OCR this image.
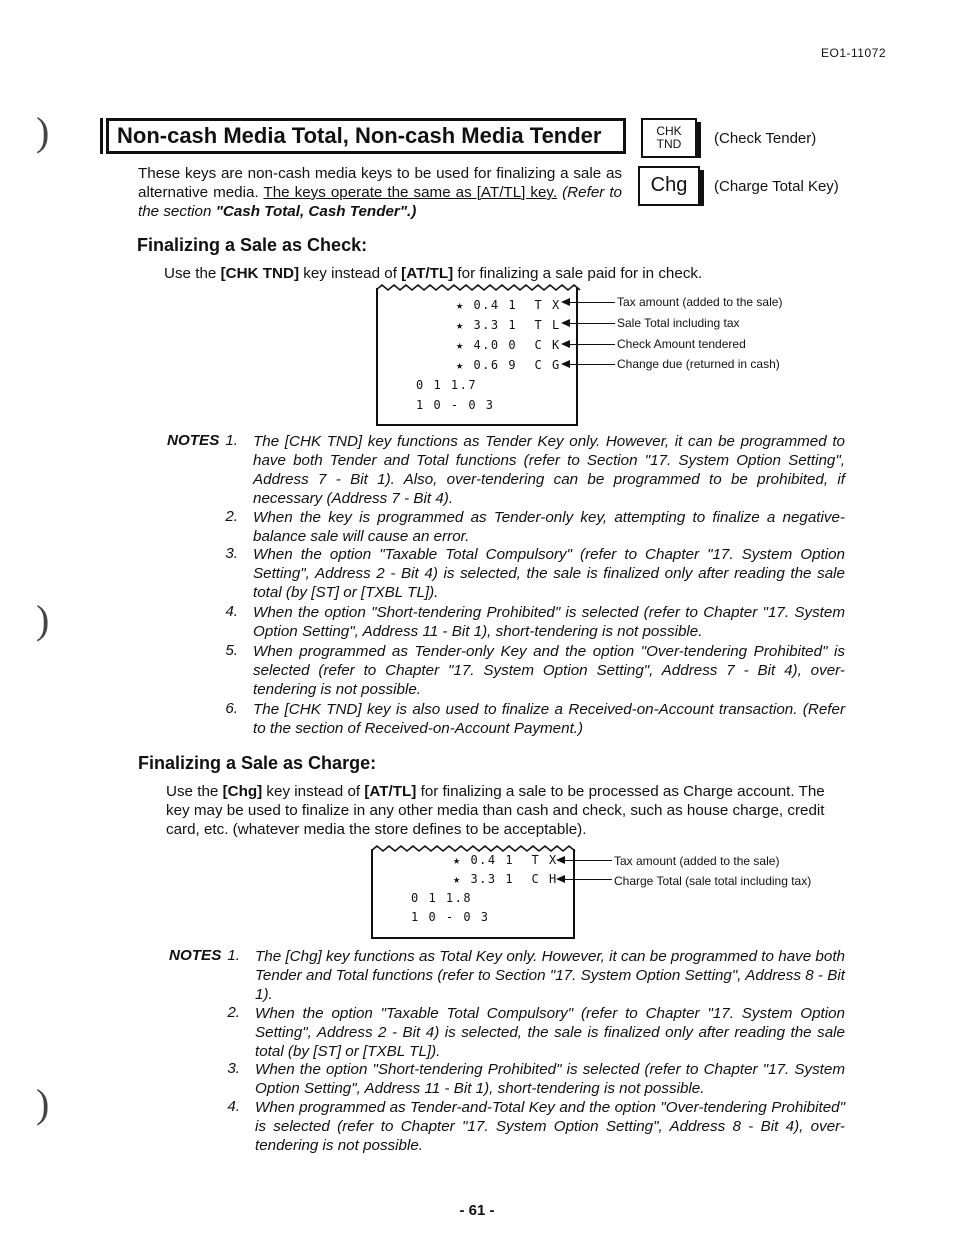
)
)
)
EO1-11072
Non-cash Media Total, Non-cash Media Tender	CHK
TND	(Check Tender)
Chg	(Charge Total Key)

These keys are non-cash media keys to be used for finalizing a sale as alternative media. The keys operate the same as [AT/TL] key. (Refer to the section "Cash Total, Cash Tender".)

Finalizing a Sale as Check:

Use the [CHK TND] key instead of [AT/TL] for finalizing a sale paid for in check.

★ 0.4 1  T X
★ 3.3 1  T L
★ 4.0 0  C K
★ 0.6 9  C G
0 1 1.7
1 0 - 0 3
Tax amount (added to the sale)
Sale Total including tax
Check Amount tendered
Change due (returned in cash)
NOTES 1. The [CHK TND] key functions as Tender Key only. However, it can be programmed to have both Tender and Total functions (refer to Section "17. System Option Setting", Address 7 - Bit 1). Also, over-tendering can be programmed to be prohibited, if necessary (Address 7 - Bit 4).
2. When the key is programmed as Tender-only key, attempting to finalize a negative-balance sale will cause an error.
3. When the option "Taxable Total Compulsory" (refer to Chapter "17. System Option Setting", Address 2 - Bit 4) is selected, the sale is finalized only after reading the sale total (by [ST] or [TXBL TL]).
4. When the option "Short-tendering Prohibited" is selected (refer to Chapter "17. System Option Setting", Address 11 - Bit 1), short-tendering is not possible.
5. When programmed as Tender-only Key and the option "Over-tendering Prohibited" is selected (refer to Chapter "17. System Option Setting", Address 7 - Bit 4), over-tendering is not possible.
6. The [CHK TND] key is also used to finalize a Received-on-Account transaction. (Refer to the section of Received-on-Account Payment.)
Finalizing a Sale as Charge:

Use the [Chg] key instead of [AT/TL] for finalizing a sale to be processed as Charge account. The key may be used to finalize in any other media than cash and check, such as house charge, credit card, etc. (whatever media the store defines to be acceptable).

★ 0.4 1  T X
★ 3.3 1  C H
0 1 1.8
1 0 - 0 3
Tax amount (added to the sale)
Charge Total (sale total including tax)
NOTES 1. The [Chg] key functions as Total Key only. However, it can be programmed to have both Tender and Total functions (refer to Section "17. System Option Setting", Address 8 - Bit 1).
2. When the option "Taxable Total Compulsory" (refer to Chapter "17. System Option Setting", Address 2 - Bit 4) is selected, the sale is finalized only after reading the sale total (by [ST] or [TXBL TL]).
3. When the option "Short-tendering Prohibited" is selected (refer to Chapter "17. System Option Setting", Address 11 - Bit 1), short-tendering is not possible.
4. When programmed as Tender-and-Total Key and the option "Over-tendering Prohibited" is selected (refer to Chapter "17. System Option Setting", Address 8 - Bit 4), over-tendering is not possible.
- 61 -
